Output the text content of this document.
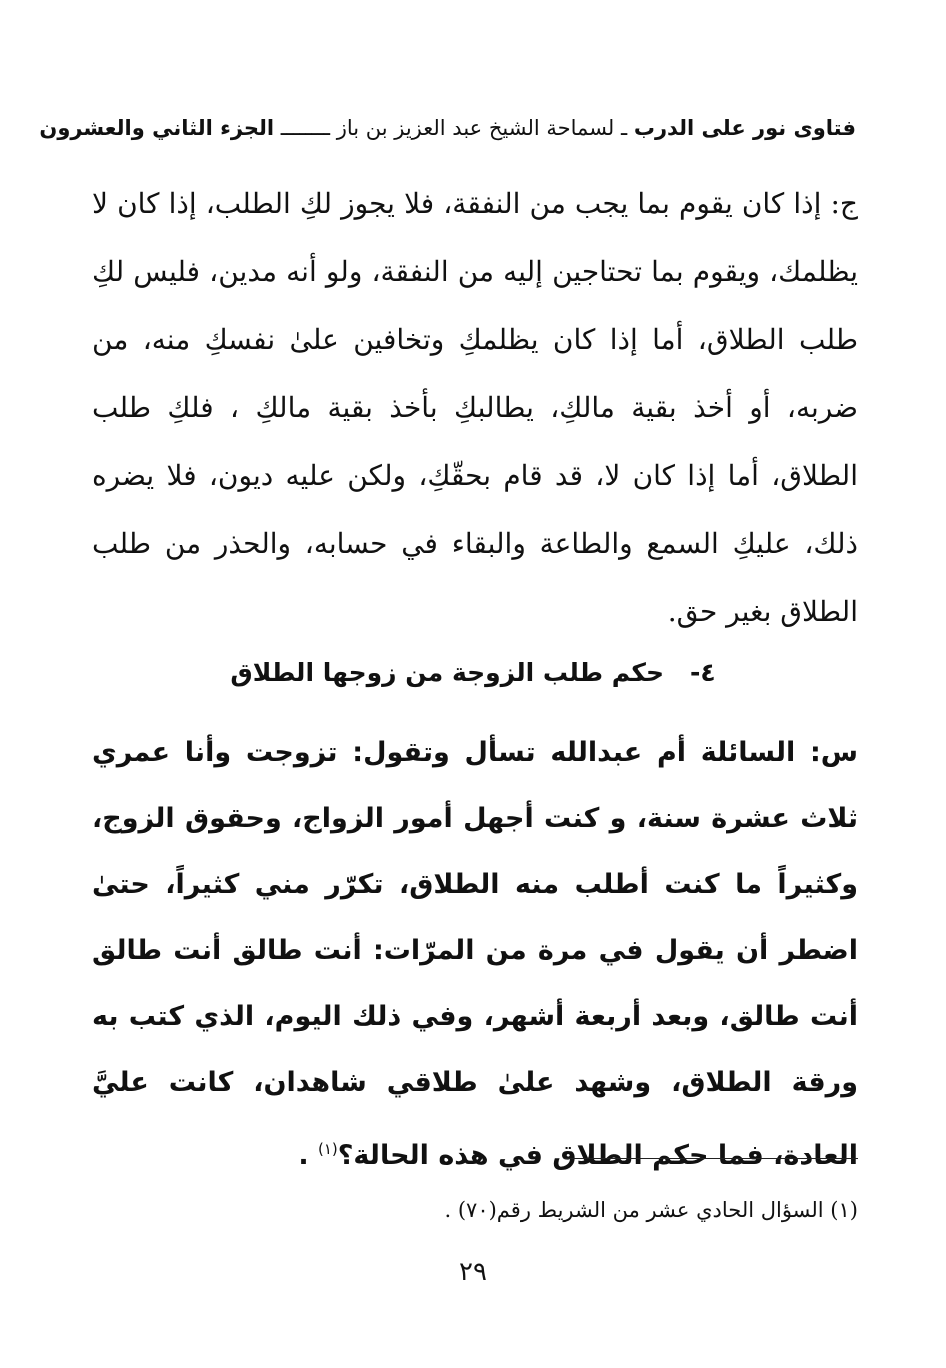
فتاوى نور على الدرب ـ لسماحة الشيخ عبد العزيز بن باز ــــــــ الجزء الثاني والعشرون

ج: إذا كان يقوم بما يجب من النفقة، فلا يجوز لكِ الطلب، إذا كان لا يظلمك، ويقوم بما تحتاجين إليه من النفقة، ولو أنه مدين، فليس لكِ طلب الطلاق، أما إذا كان يظلمكِ وتخافين علىٰ نفسكِ منه، من ضربه، أو أخذ بقية مالكِ، يطالبكِ بأخذ بقية مالكِ ، فلكِ طلب الطلاق، أما إذا كان لا، قد قام بحقّكِ، ولكن عليه ديون، فلا يضره ذلك، عليكِ السمع والطاعة والبقاء في حسابه، والحذر من طلب الطلاق بغير حق.

٤-حكم طلب الزوجة من زوجها الطلاق

س: السائلة أم عبدالله تسأل وتقول: تزوجت وأنا عمري ثلاث عشرة سنة، و كنت أجهل أمور الزواج، وحقوق الزوج، وكثيراً ما كنت أطلب منه الطلاق، تكرّر مني كثيراً، حتىٰ اضطر أن يقول في مرة من المرّات: أنت طالق أنت طالق أنت طالق، وبعد أربعة أشهر، وفي ذلك اليوم، الذي كتب به ورقة الطلاق، وشهد علىٰ طلاقي شاهدان، كانت عليَّ العادة، فما حكم الطلاق في هذه الحالة؟$^{(١)}$ .

(١) السؤال الحادي عشر من الشريط رقم(٧٠) .
٢٩
